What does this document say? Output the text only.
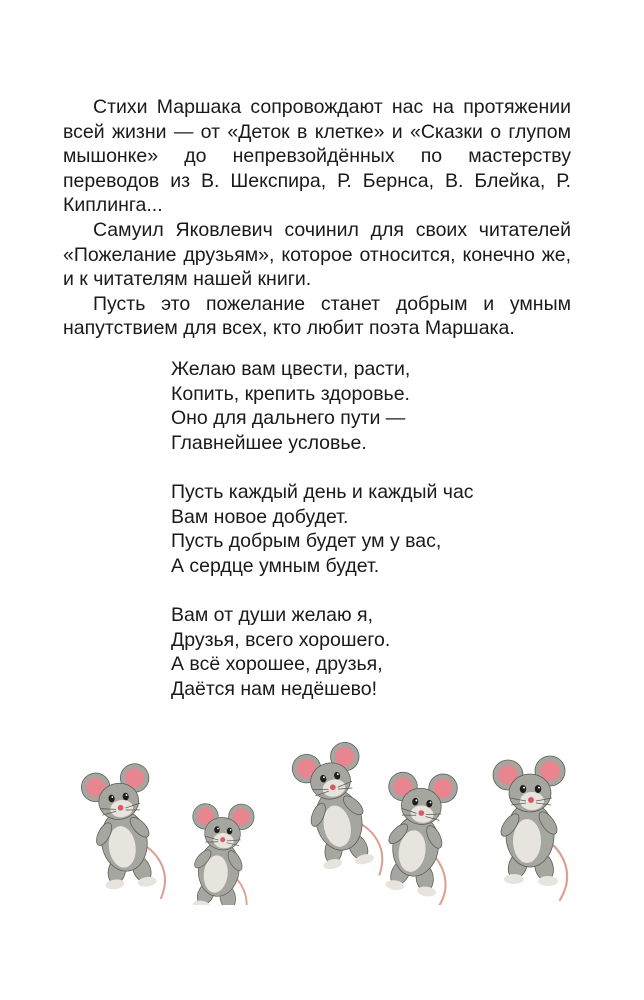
Стихи Маршака сопровождают нас на протяжении всей жизни — от «Деток в клетке» и «Сказки о глупом мышонке» до непревзойдённых по мастерству переводов из В. Шекспира, Р. Бернса, В. Блейка, Р. Киплинга...

Самуил Яковлевич сочинил для своих читателей «Пожелание друзьям», которое относится, конечно же, и к читателям нашей книги.

Пусть это пожелание станет добрым и умным напутствием для всех, кто любит поэта Маршака.

Желаю вам цвести, расти,
Копить, крепить здоровье.
Оно для дальнего пути —
Главнейшее условье.
Пусть каждый день и каждый час
Вам новое добудет.
Пусть добрым будет ум у вас,
А сердце умным будет.
Вам от души желаю я,
Друзья, всего хорошего.
А всё хорошее, друзья,
Даётся нам недёшево!
